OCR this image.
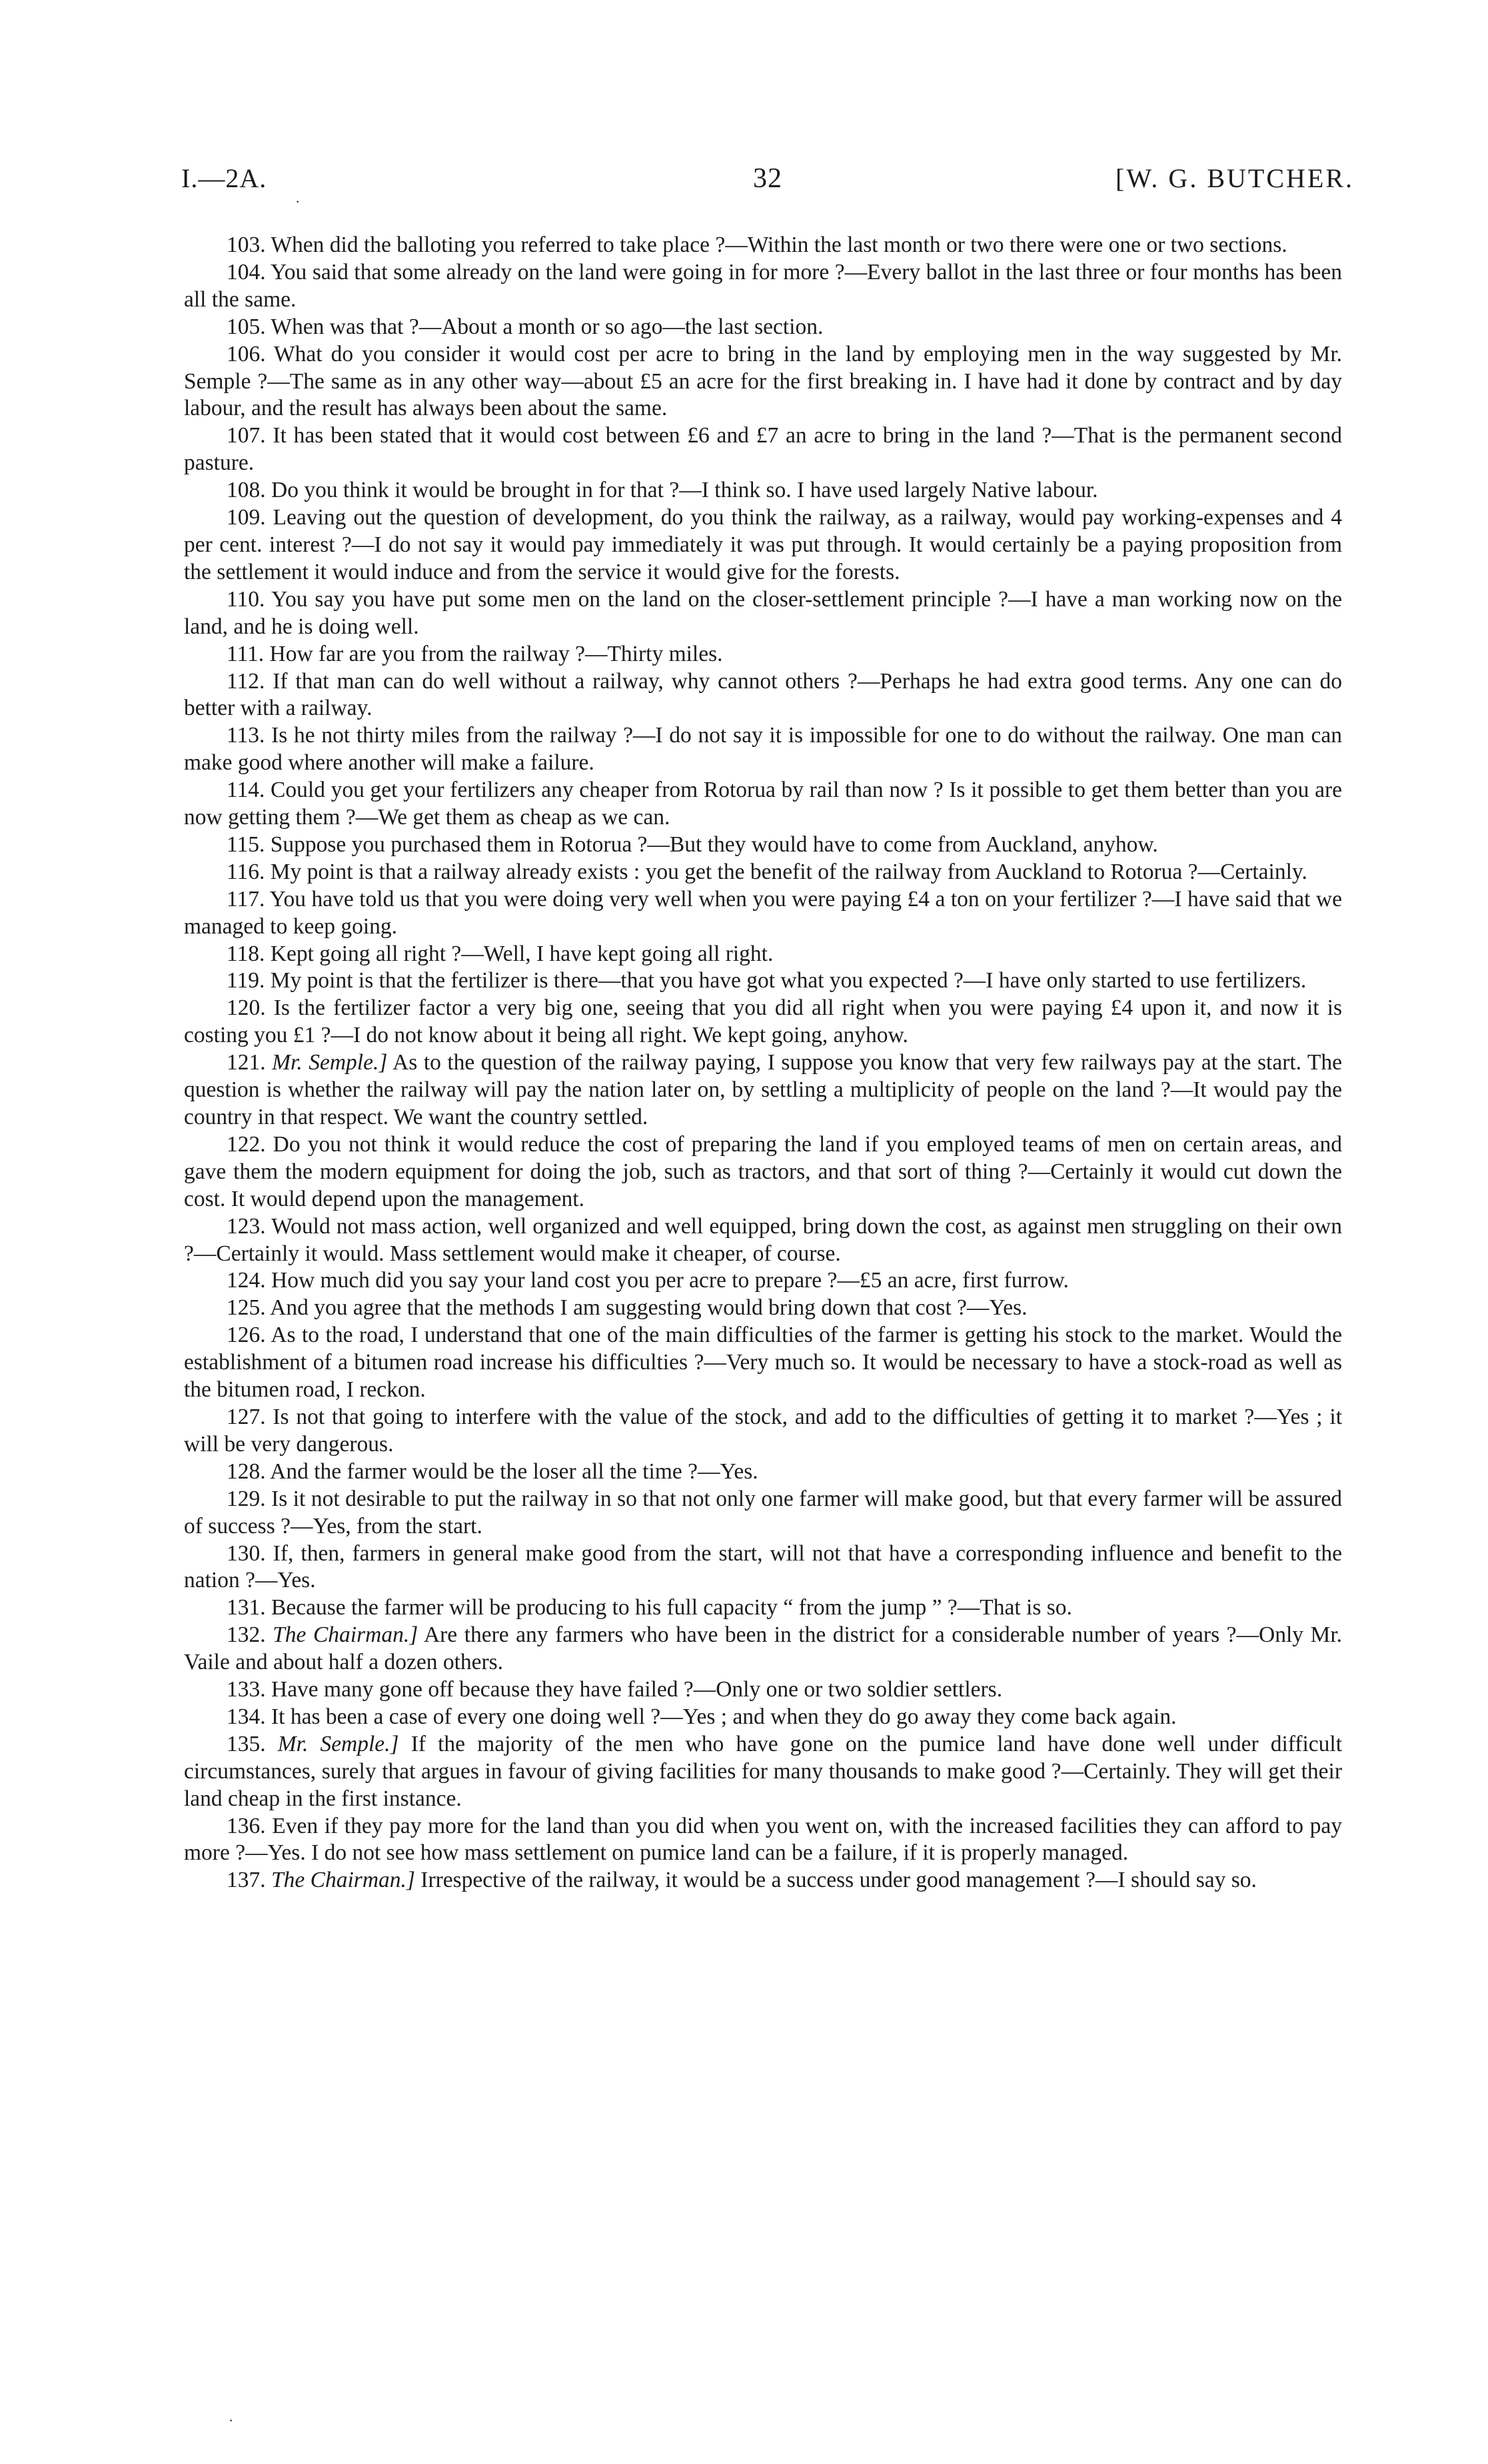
I.—2A.	32	[W. G. BUTCHER.
·
·

103. When did the balloting you referred to take place ?—Within the last month or two there were one or two sections.

104. You said that some already on the land were going in for more ?—Every ballot in the last three or four months has been all the same.

105. When was that ?—About a month or so ago—the last section.

106. What do you consider it would cost per acre to bring in the land by employing men in the way suggested by Mr. Semple ?—The same as in any other way—about £5 an acre for the first breaking in. I have had it done by contract and by day labour, and the result has always been about the same.

107. It has been stated that it would cost between £6 and £7 an acre to bring in the land ?—That is the permanent second pasture.

108. Do you think it would be brought in for that ?—I think so. I have used largely Native labour.

109. Leaving out the question of development, do you think the railway, as a railway, would pay working-expenses and 4 per cent. interest ?—I do not say it would pay immediately it was put through. It would certainly be a paying proposition from the settlement it would induce and from the service it would give for the forests.

110. You say you have put some men on the land on the closer-settlement principle ?—I have a man working now on the land, and he is doing well.

111. How far are you from the railway ?—Thirty miles.

112. If that man can do well without a railway, why cannot others ?—Perhaps he had extra good terms. Any one can do better with a railway.

113. Is he not thirty miles from the railway ?—I do not say it is impossible for one to do without the railway. One man can make good where another will make a failure.

114. Could you get your fertilizers any cheaper from Rotorua by rail than now ? Is it possible to get them better than you are now getting them ?—We get them as cheap as we can.

115. Suppose you purchased them in Rotorua ?—But they would have to come from Auckland, anyhow.

116. My point is that a railway already exists : you get the benefit of the railway from Auckland to Rotorua ?—Certainly.

117. You have told us that you were doing very well when you were paying £4 a ton on your fertilizer ?—I have said that we managed to keep going.

118. Kept going all right ?—Well, I have kept going all right.

119. My point is that the fertilizer is there—that you have got what you expected ?—I have only started to use fertilizers.

120. Is the fertilizer factor a very big one, seeing that you did all right when you were paying £4 upon it, and now it is costing you £1 ?—I do not know about it being all right. We kept going, anyhow.

121. Mr. Semple.] As to the question of the railway paying, I suppose you know that very few railways pay at the start. The question is whether the railway will pay the nation later on, by settling a multiplicity of people on the land ?—It would pay the country in that respect. We want the country settled.

122. Do you not think it would reduce the cost of preparing the land if you employed teams of men on certain areas, and gave them the modern equipment for doing the job, such as tractors, and that sort of thing ?—Certainly it would cut down the cost. It would depend upon the management.

123. Would not mass action, well organized and well equipped, bring down the cost, as against men struggling on their own ?—Certainly it would. Mass settlement would make it cheaper, of course.

124. How much did you say your land cost you per acre to prepare ?—£5 an acre, first furrow.

125. And you agree that the methods I am suggesting would bring down that cost ?—Yes.

126. As to the road, I understand that one of the main difficulties of the farmer is getting his stock to the market. Would the establishment of a bitumen road increase his difficulties ?—Very much so. It would be necessary to have a stock-road as well as the bitumen road, I reckon.

127. Is not that going to interfere with the value of the stock, and add to the difficulties of getting it to market ?—Yes ; it will be very dangerous.

128. And the farmer would be the loser all the time ?—Yes.

129. Is it not desirable to put the railway in so that not only one farmer will make good, but that every farmer will be assured of success ?—Yes, from the start.

130. If, then, farmers in general make good from the start, will not that have a corresponding influence and benefit to the nation ?—Yes.

131. Because the farmer will be producing to his full capacity “ from the jump ” ?—That is so.

132. The Chairman.] Are there any farmers who have been in the district for a considerable number of years ?—Only Mr. Vaile and about half a dozen others.

133. Have many gone off because they have failed ?—Only one or two soldier settlers.

134. It has been a case of every one doing well ?—Yes ; and when they do go away they come back again.

135. Mr. Semple.] If the majority of the men who have gone on the pumice land have done well under difficult circumstances, surely that argues in favour of giving facilities for many thousands to make good ?—Certainly. They will get their land cheap in the first instance.

136. Even if they pay more for the land than you did when you went on, with the increased facilities they can afford to pay more ?—Yes. I do not see how mass settlement on pumice land can be a failure, if it is properly managed.

137. The Chairman.] Irrespective of the railway, it would be a success under good management ?—I should say so.
